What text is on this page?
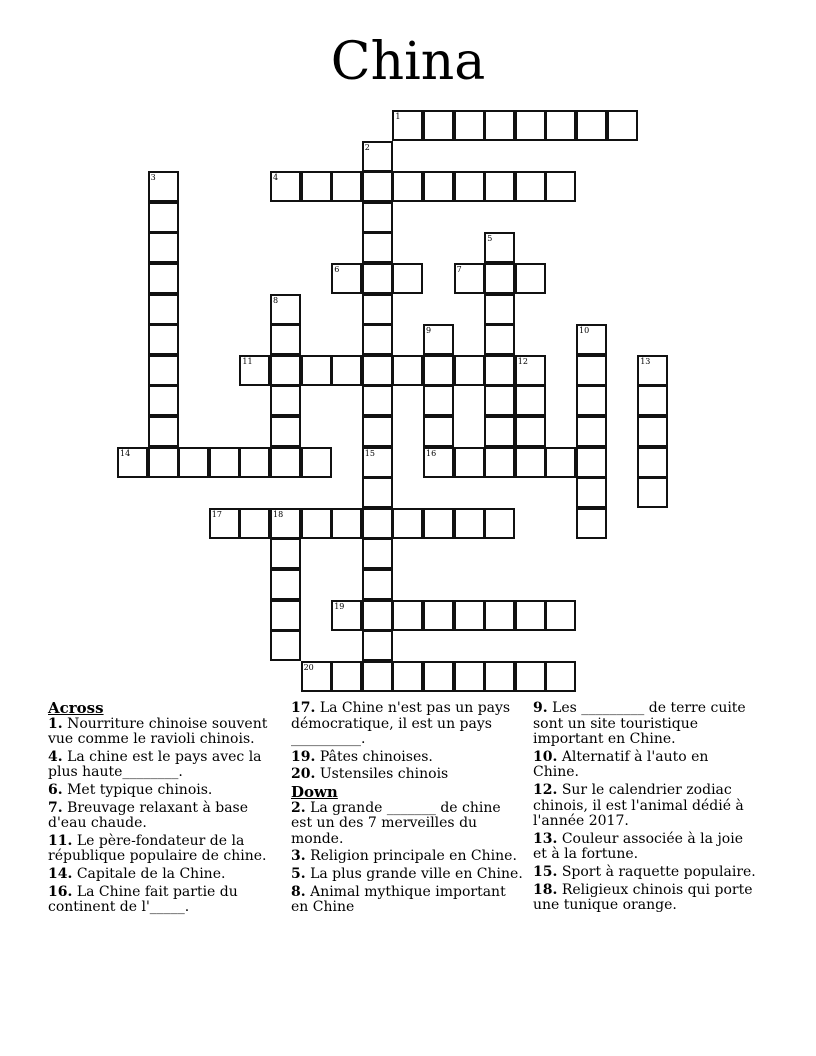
China
1
2
15
3	4
5
6	7
8
9	10
11	12	13
14	16
17	18
19
20
Across
1. Nourriture chinoise souvent vue comme le ravioli chinois.
4. La chine est le pays avec la plus haute________.
6. Met typique chinois.
7. Breuvage relaxant à base d'eau chaude.
11. Le père-fondateur de la république populaire de chine.
14. Capitale de la Chine.
16. La Chine fait partie du continent de l'_____.
17. La Chine n'est pas un pays démocratique, il est un pays __________.
19. Pâtes chinoises.
20. Ustensiles chinois
Down
2. La grande _______ de chine est un des 7 merveilles du monde.
3. Religion principale en Chine.
5. La plus grande ville en Chine.
8. Animal mythique important en Chine
9. Les _________ de terre cuite sont un site touristique important en Chine.
10. Alternatif à l'auto en Chine.
12. Sur le calendrier zodiac chinois, il est l'animal dédié à l'année 2017.
13. Couleur associée à la joie et à la fortune.
15. Sport à raquette populaire.
18. Religieux chinois qui porte une tunique orange.
